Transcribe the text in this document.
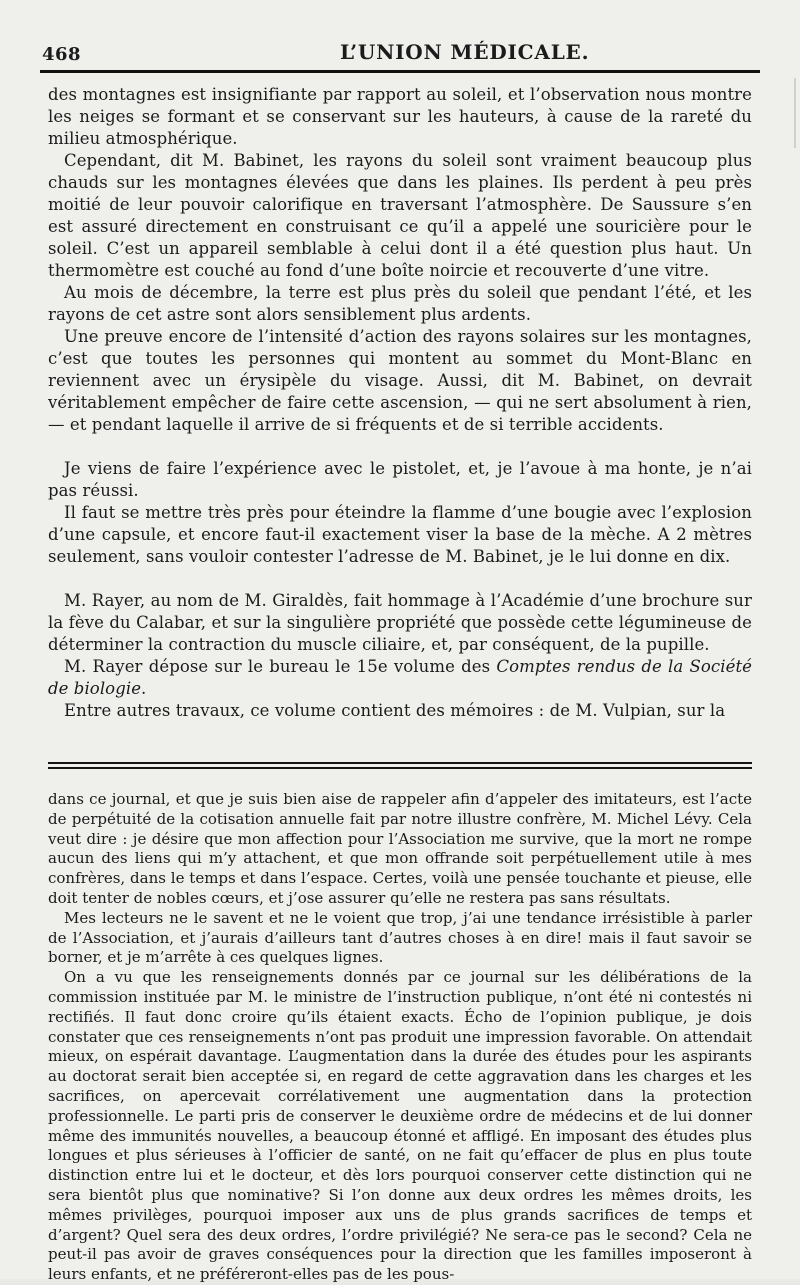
468	L’UNION MÉDICALE.

des montagnes est insignifiante par rapport au soleil, et l’observation nous montre les neiges se formant et se conservant sur les hauteurs, à cause de la rareté du milieu atmosphérique.

Cependant, dit M. Babinet, les rayons du soleil sont vraiment beaucoup plus chauds sur les montagnes élevées que dans les plaines. Ils perdent à peu près moitié de leur pouvoir calorifique en traversant l’atmosphère. De Saussure s’en est assuré directement en construisant ce qu’il a appelé une souricière pour le soleil. C’est un appareil semblable à celui dont il a été question plus haut. Un thermomètre est couché au fond d’une boîte noircie et recouverte d’une vitre.

Au mois de décembre, la terre est plus près du soleil que pendant l’été, et les rayons de cet astre sont alors sensiblement plus ardents.

Une preuve encore de l’intensité d’action des rayons solaires sur les montagnes, c’est que toutes les personnes qui montent au sommet du Mont-Blanc en reviennent avec un érysipèle du visage. Aussi, dit M. Babinet, on devrait véritablement empêcher de faire cette ascension, — qui ne sert absolument à rien, — et pendant laquelle il arrive de si fréquents et de si terrible accidents.

Je viens de faire l’expérience avec le pistolet, et, je l’avoue à ma honte, je n’ai pas réussi.

Il faut se mettre très près pour éteindre la flamme d’une bougie avec l’explosion d’une capsule, et encore faut-il exactement viser la base de la mèche. A 2 mètres seulement, sans vouloir contester l’adresse de M. Babinet, je le lui donne en dix.

M. Rayer, au nom de M. Giraldès, fait hommage à l’Académie d’une brochure sur la fève du Calabar, et sur la singulière propriété que possède cette légumineuse de déterminer la contraction du muscle ciliaire, et, par conséquent, de la pupille.

M. Rayer dépose sur le bureau le 15e volume des Comptes rendus de la Société de biologie.

Entre autres travaux, ce volume contient des mémoires : de M. Vulpian, sur la

dans ce journal, et que je suis bien aise de rappeler afin d’appeler des imitateurs, est l’acte de perpétuité de la cotisation annuelle fait par notre illustre confrère, M. Michel Lévy. Cela veut dire : je désire que mon affection pour l’Association me survive, que la mort ne rompe aucun des liens qui m’y attachent, et que mon offrande soit perpétuellement utile à mes confrères, dans le temps et dans l’espace. Certes, voilà une pensée touchante et pieuse, elle doit tenter de nobles cœurs, et j’ose assurer qu’elle ne restera pas sans résultats.

Mes lecteurs ne le savent et ne le voient que trop, j’ai une tendance irrésistible à parler de l’Association, et j’aurais d’ailleurs tant d’autres choses à en dire! mais il faut savoir se borner, et je m’arrête à ces quelques lignes.

On a vu que les renseignements donnés par ce journal sur les délibérations de la commission instituée par M. le ministre de l’instruction publique, n’ont été ni contestés ni rectifiés. Il faut donc croire qu’ils étaient exacts. Écho de l’opinion publique, je dois constater que ces renseignements n’ont pas produit une impression favorable. On attendait mieux, on espérait davantage. L’augmentation dans la durée des études pour les aspirants au doctorat serait bien acceptée si, en regard de cette aggravation dans les charges et les sacrifices, on apercevait corrélativement une augmentation dans la protection professionnelle. Le parti pris de conserver le deuxième ordre de médecins et de lui donner même des immunités nouvelles, a beaucoup étonné et affligé. En imposant des études plus longues et plus sérieuses à l’officier de santé, on ne fait qu’effacer de plus en plus toute distinction entre lui et le docteur, et dès lors pourquoi conserver cette distinction qui ne sera bientôt plus que nominative? Si l’on donne aux deux ordres les mêmes droits, les mêmes privilèges, pourquoi imposer aux uns de plus grands sacrifices de temps et d’argent? Quel sera des deux ordres, l’ordre privilégié? Ne sera-ce pas le second? Cela ne peut-il pas avoir de graves conséquences pour la direction que les familles imposeront à leurs enfants, et ne préféreront-elles pas de les pous-
